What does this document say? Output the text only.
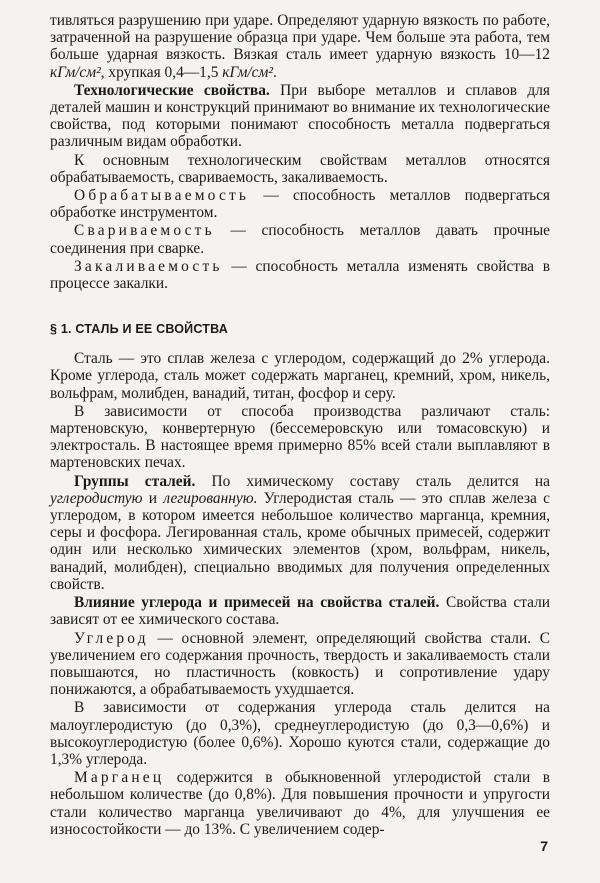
тивляться разрушению при ударе. Определяют ударную вязкость по работе, затраченной на разрушение образца при ударе. Чем больше эта работа, тем больше ударная вязкость. Вязкая сталь имеет ударную вязкость 10—12 кГм/см², хрупкая 0,4—1,5 кГм/см².

Технологические свойства. При выборе металлов и сплавов для деталей машин и конструкций принимают во внимание их технологические свойства, под которыми понимают способность металла подвергаться различным видам обработки.

К основным технологическим свойствам металлов относятся обрабатываемость, свариваемость, закаливаемость.

Обрабатываемость — способность металлов подвергаться обработке инструментом.

Свариваемость — способность металлов давать прочные соединения при сварке.

Закаливаемость — способность металла изменять свойства в процессе закалки.

§ 1. СТАЛЬ И ЕЕ СВОЙСТВА

Сталь — это сплав железа с углеродом, содержащий до 2% углерода. Кроме углерода, сталь может содержать марганец, кремний, хром, никель, вольфрам, молибден, ванадий, титан, фосфор и серу.

В зависимости от способа производства различают сталь: мартеновскую, конвертерную (бессемеровскую или томасовскую) и электросталь. В настоящее время примерно 85% всей стали выплавляют в мартеновских печах.

Группы сталей. По химическому составу сталь делится на углеродистую и легированную. Углеродистая сталь — это сплав железа с углеродом, в котором имеется небольшое количество марганца, кремния, серы и фосфора. Легированная сталь, кроме обычных примесей, содержит один или несколько химических элементов (хром, вольфрам, никель, ванадий, молибден), специально вводимых для получения определенных свойств.

Влияние углерода и примесей на свойства сталей. Свойства стали зависят от ее химического состава.

Углерод — основной элемент, определяющий свойства стали. С увеличением его содержания прочность, твердость и закаливаемость стали повышаются, но пластичность (ковкость) и сопротивление удару понижаются, а обрабатываемость ухудшается.

В зависимости от содержания углерода сталь делится на малоуглеродистую (до 0,3%), среднеуглеродистую (до 0,3—0,6%) и высокоуглеродистую (более 0,6%). Хорошо куются стали, содержащие до 1,3% углерода.

Марганец содержится в обыкновенной углеродистой стали в небольшом количестве (до 0,8%). Для повышения прочности и упругости стали количество марганца увеличивают до 4%, для улучшения ее износостойкости — до 13%. С увеличением содер-

7
